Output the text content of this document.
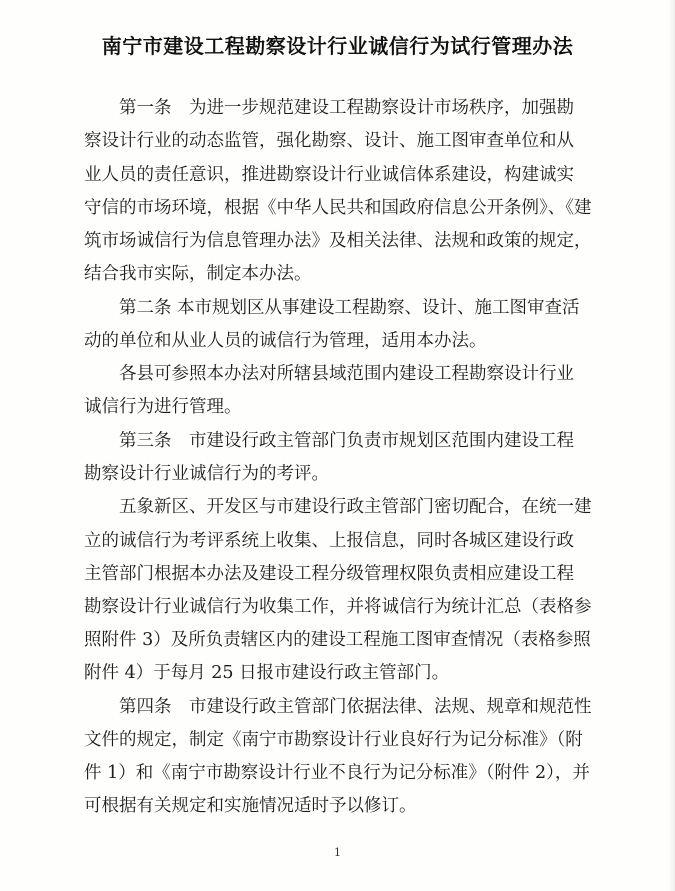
南宁市建设工程勘察设计行业诚信行为试行管理办法
　　第一条　为进一步规范建设工程勘察设计市场秩序，加强勘
察设计行业的动态监管，强化勘察、设计、施工图审查单位和从
业人员的责任意识，推进勘察设计行业诚信体系建设，构建诚实
守信的市场环境，根据《中华人民共和国政府信息公开条例》、《建
筑市场诚信行为信息管理办法》及相关法律、法规和政策的规定，
结合我市实际，制定本办法。
　　第二条 本市规划区从事建设工程勘察、设计、施工图审查活
动的单位和从业人员的诚信行为管理，适用本办法。
　　各县可参照本办法对所辖县域范围内建设工程勘察设计行业
诚信行为进行管理。
　　第三条　市建设行政主管部门负责市规划区范围内建设工程
勘察设计行业诚信行为的考评。
　　五象新区、开发区与市建设行政主管部门密切配合，在统一建
立的诚信行为考评系统上收集、上报信息，同时各城区建设行政
主管部门根据本办法及建设工程分级管理权限负责相应建设工程
勘察设计行业诚信行为收集工作，并将诚信行为统计汇总（表格参
照附件 3）及所负责辖区内的建设工程施工图审查情况（表格参照
附件 4）于每月 25 日报市建设行政主管部门。
　　第四条　市建设行政主管部门依据法律、法规、规章和规范性
文件的规定，制定《南宁市勘察设计行业良好行为记分标准》（附
件 1）和《南宁市勘察设计行业不良行为记分标准》（附件 2），并
可根据有关规定和实施情况适时予以修订。
1
